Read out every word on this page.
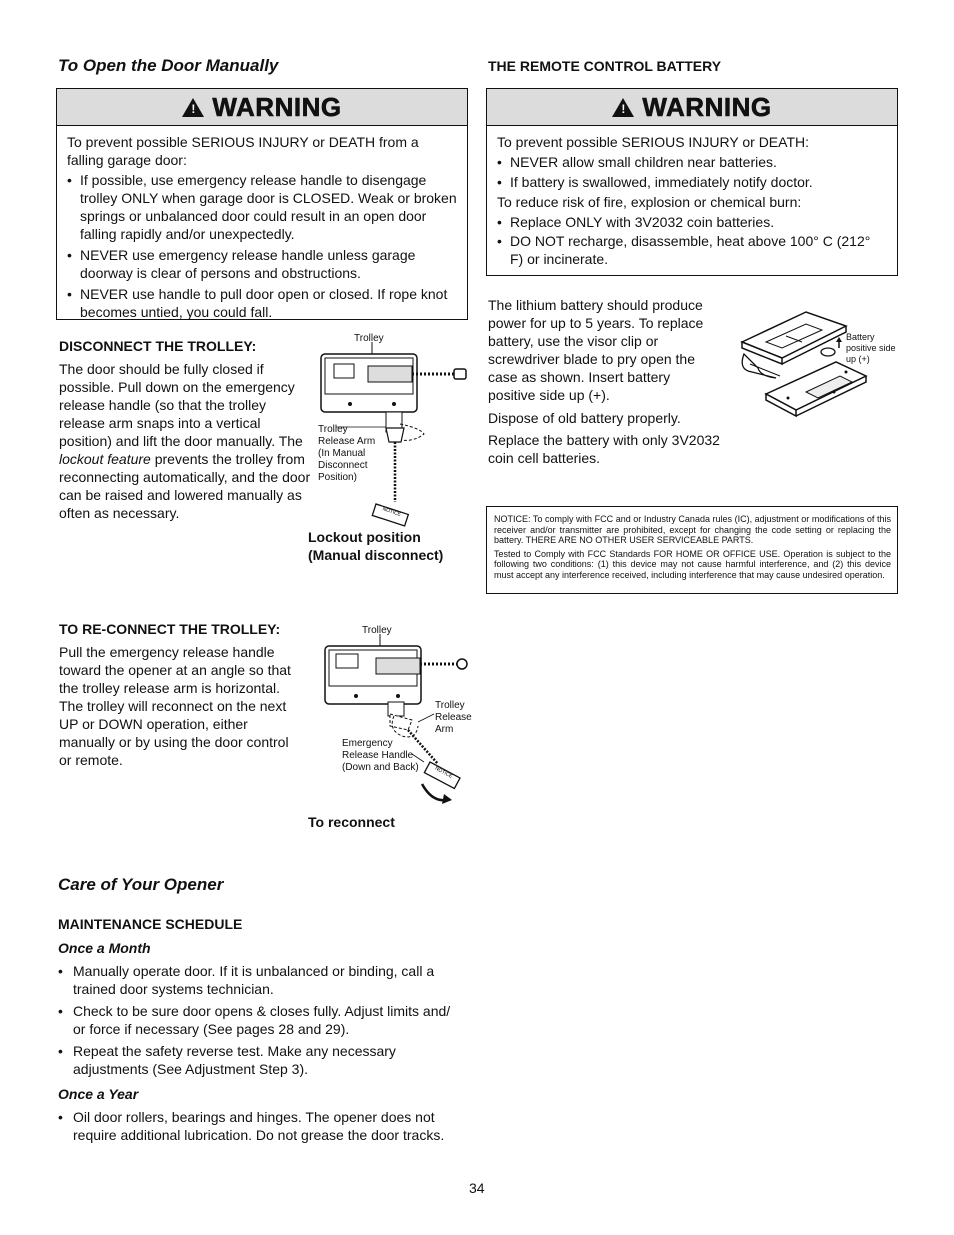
To Open the Door Manually
! WARNING

To prevent possible SERIOUS INJURY or DEATH from a falling garage door:

• If possible, use emergency release handle to disengage trolley ONLY when garage door is CLOSED. Weak or broken springs or unbalanced door could result in an open door falling rapidly and/or unexpectedly.
• NEVER use emergency release handle unless garage doorway is clear of persons and obstructions.
• NEVER use handle to pull door open or closed. If rope knot becomes untied, you could fall.
DISCONNECT THE TROLLEY:
The door should be fully closed if possible. Pull down on the emergency release handle (so that the trolley release arm snaps into a vertical position) and lift the door manually. The lockout feature prevents the trolley from reconnecting automatically, and the door can be raised and lowered manually as often as necessary.
Trolley
Trolley Release Arm (In Manual Disconnect Position)
NOTICE
Lockout position
(Manual disconnect)
TO RE-CONNECT THE TROLLEY:
Pull the emergency release handle toward the opener at an angle so that the trolley release arm is horizontal. The trolley will reconnect on the next UP or DOWN operation, either manually or by using the door control or remote.
Trolley
Trolley Release Arm
Emergency Release Handle (Down and Back)	NOTICE
To reconnect
Care of Your Opener
MAINTENANCE SCHEDULE
Once a Month
• Manually operate door. If it is unbalanced or binding, call a trained door systems technician.
• Check to be sure door opens & closes fully. Adjust limits and/ or force if necessary (See pages 28 and 29).
• Repeat the safety reverse test. Make any necessary adjustments (See Adjustment Step 3).
Once a Year
• Oil door rollers, bearings and hinges. The opener does not require additional lubrication. Do not grease the door tracks.
THE REMOTE CONTROL BATTERY
! WARNING

To prevent possible SERIOUS INJURY or DEATH:

• NEVER allow small children near batteries.
• If battery is swallowed, immediately notify doctor.

To reduce risk of fire, explosion or chemical burn:

• Replace ONLY with 3V2032 coin batteries.
• DO NOT recharge, disassemble, heat above 100° C (212° F) or incinerate.
The lithium battery should produce power for up to 5 years. To replace battery, use the visor clip or screwdriver blade to pry open the case as shown. Insert battery positive side up (+).
Dispose of old battery properly.
Replace the battery with only 3V2032 coin cell batteries.
Battery positive side up (+)

NOTICE: To comply with FCC and or Industry Canada rules (IC), adjustment or modifications of this receiver and/or transmitter are prohibited, except for changing the code setting or replacing the battery. THERE ARE NO OTHER USER SERVICEABLE PARTS.

Tested to Comply with FCC Standards FOR HOME OR OFFICE USE. Operation is subject to the following two conditions: (1) this device may not cause harmful interference, and (2) this device must accept any interference received, including interference that may cause undesired operation.

34
